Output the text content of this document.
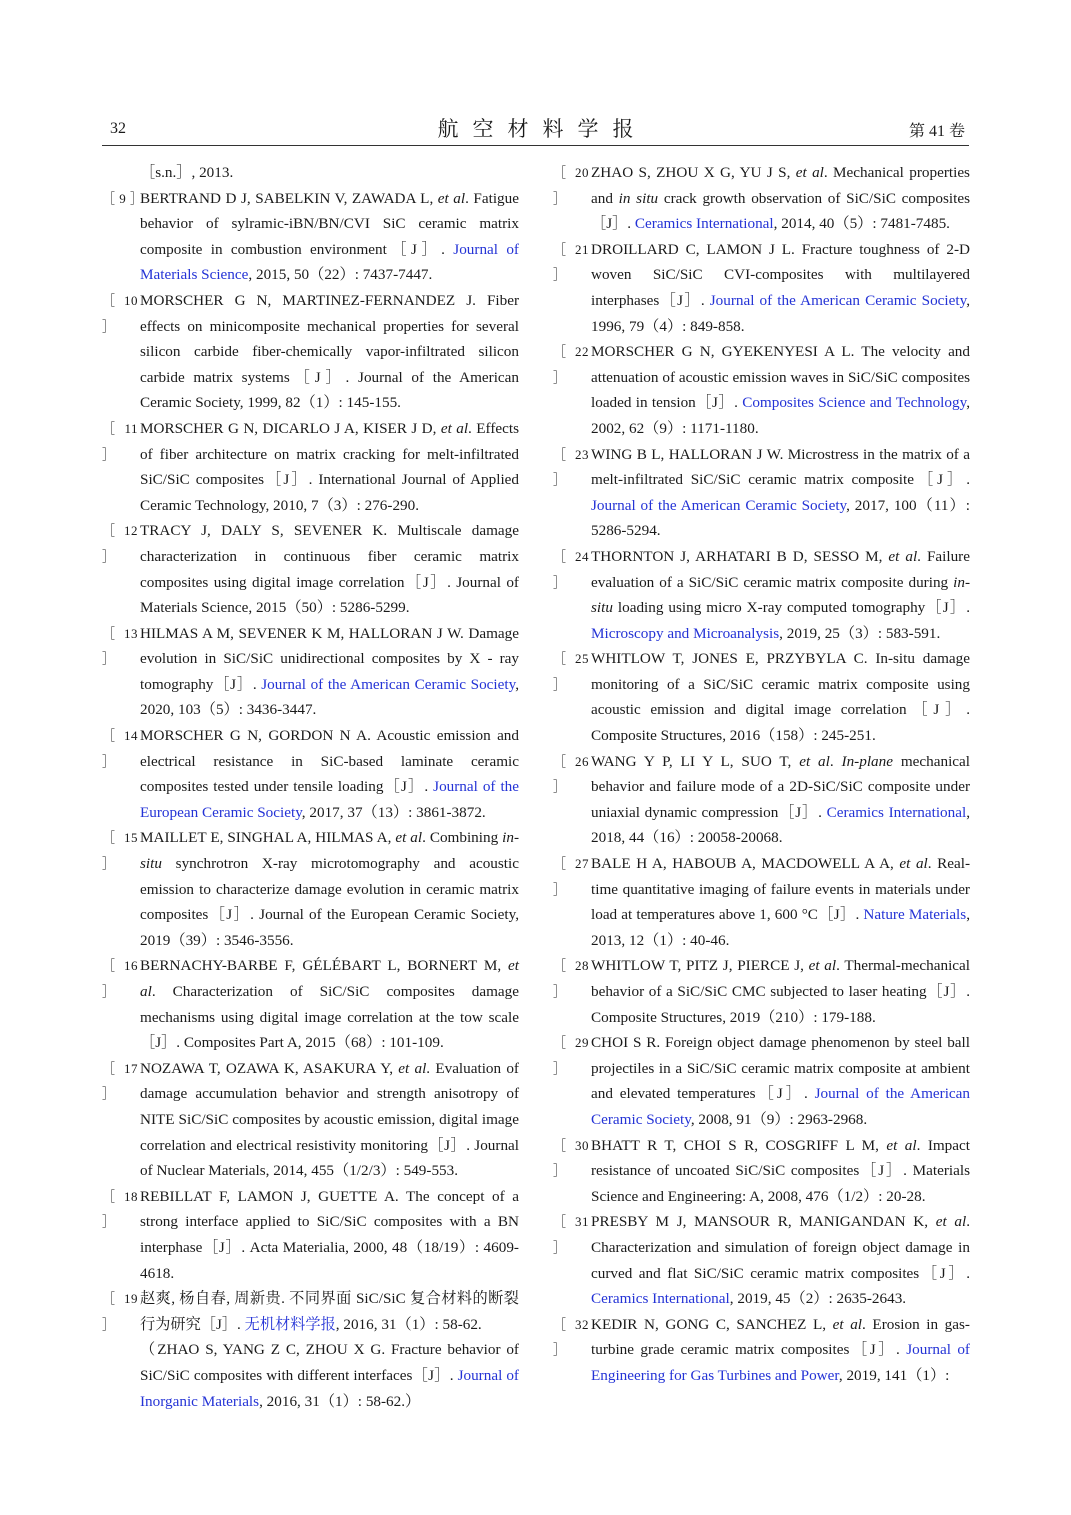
32	航空材料学报	第 41 卷
［s.n.］, 2013.
［ 9 ］
BERTRAND D J, SABELKIN V, ZAWADA L, et al. Fatigue behavior of sylramic-iBN/BN/CVI SiC ceramic matrix composite in combustion environment［J］. Journal of Materials Science, 2015, 50（22）: 7437-7447.
［ 10 ］
MORSCHER G N, MARTINEZ-FERNANDEZ J. Fiber effects on minicomposite mechanical properties for several silicon carbide fiber-chemically vapor-infiltrated silicon carbide matrix systems［J］. Journal of the American Ceramic Society, 1999, 82（1）: 145-155.
［ 11 ］
MORSCHER G N, DICARLO J A, KISER J D, et al. Effects of fiber architecture on matrix cracking for melt-infiltrated SiC/SiC composites［J］. International Journal of Applied Ceramic Technology, 2010, 7（3）: 276-290.
［ 12 ］
TRACY J, DALY S, SEVENER K. Multiscale damage characterization in continuous fiber ceramic matrix composites using digital image correlation［J］. Journal of Materials Science, 2015（50）: 5286-5299.
［ 13 ］
HILMAS A M, SEVENER K M, HALLORAN J W. Damage evolution in SiC/SiC unidirectional composites by X - ray tomography［J］. Journal of the American Ceramic Society, 2020, 103（5）: 3436-3447.
［ 14 ］
MORSCHER G N, GORDON N A. Acoustic emission and electrical resistance in SiC-based laminate ceramic composites tested under tensile loading［J］. Journal of the European Ceramic Society, 2017, 37（13）: 3861-3872.
［ 15 ］
MAILLET E, SINGHAL A, HILMAS A, et al. Combining in-situ synchrotron X-ray microtomography and acoustic emission to characterize damage evolution in ceramic matrix composites［J］. Journal of the European Ceramic Society, 2019（39）: 3546-3556.
［ 16 ］
BERNACHY-BARBE F, GÉLÉBART L, BORNERT M, et al. Characterization of SiC/SiC composites damage mechanisms using digital image correlation at the tow scale［J］. Composites Part A, 2015（68）: 101-109.
［ 17 ］
NOZAWA T, OZAWA K, ASAKURA Y, et al. Evaluation of damage accumulation behavior and strength anisotropy of NITE SiC/SiC composites by acoustic emission, digital image correlation and electrical resistivity monitoring［J］. Journal of Nuclear Materials, 2014, 455（1/2/3）: 549-553.
［ 18 ］
REBILLAT F, LAMON J, GUETTE A. The concept of a strong interface applied to SiC/SiC composites with a BN interphase［J］. Acta Materialia, 2000, 48（18/19）: 4609-4618.
［ 19 ］
赵爽, 杨自春, 周新贵. 不同界面 SiC/SiC 复合材料的断裂行为研究［J］. 无机材料学报, 2016, 31（1）: 58-62.
（ZHAO S, YANG Z C, ZHOU X G. Fracture behavior of SiC/SiC composites with different interfaces［J］. Journal of Inorganic Materials, 2016, 31（1）: 58-62.）
［ 20 ］
ZHAO S, ZHOU X G, YU J S, et al. Mechanical properties and in situ crack growth observation of SiC/SiC composites［J］. Ceramics International, 2014, 40（5）: 7481-7485.
［ 21 ］
DROILLARD C, LAMON J L. Fracture toughness of 2-D woven SiC/SiC CVI-composites with multilayered interphases［J］. Journal of the American Ceramic Society, 1996, 79（4）: 849-858.
［ 22 ］
MORSCHER G N, GYEKENYESI A L. The velocity and attenuation of acoustic emission waves in SiC/SiC composites loaded in tension［J］. Composites Science and Technology, 2002, 62（9）: 1171-1180.
［ 23 ］
WING B L, HALLORAN J W. Microstress in the matrix of a melt-infiltrated SiC/SiC ceramic matrix composite［J］. Journal of the American Ceramic Society, 2017, 100（11）: 5286-5294.
［ 24 ］
THORNTON J, ARHATARI B D, SESSO M, et al. Failure evaluation of a SiC/SiC ceramic matrix composite during in-situ loading using micro X-ray computed tomography［J］. Microscopy and Microanalysis, 2019, 25（3）: 583-591.
［ 25 ］
WHITLOW T, JONES E, PRZYBYLA C. In-situ damage monitoring of a SiC/SiC ceramic matrix composite using acoustic emission and digital image correlation［J］. Composite Structures, 2016（158）: 245-251.
［ 26 ］
WANG Y P, LI Y L, SUO T, et al. In-plane mechanical behavior and failure mode of a 2D-SiC/SiC composite under uniaxial dynamic compression［J］. Ceramics International, 2018, 44（16）: 20058-20068.
［ 27 ］
BALE H A, HABOUB A, MACDOWELL A A, et al. Real-time quantitative imaging of failure events in materials under load at temperatures above 1, 600 °C［J］. Nature Materials, 2013, 12（1）: 40-46.
［ 28 ］
WHITLOW T, PITZ J, PIERCE J, et al. Thermal-mechanical behavior of a SiC/SiC CMC subjected to laser heating［J］. Composite Structures, 2019（210）: 179-188.
［ 29 ］
CHOI S R. Foreign object damage phenomenon by steel ball projectiles in a SiC/SiC ceramic matrix composite at ambient and elevated temperatures［J］. Journal of the American Ceramic Society, 2008, 91（9）: 2963-2968.
［ 30 ］
BHATT R T, CHOI S R, COSGRIFF L M, et al. Impact resistance of uncoated SiC/SiC composites［J］. Materials Science and Engineering: A, 2008, 476（1/2）: 20-28.
［ 31 ］
PRESBY M J, MANSOUR R, MANIGANDAN K, et al. Characterization and simulation of foreign object damage in curved and flat SiC/SiC ceramic matrix composites［J］. Ceramics International, 2019, 45（2）: 2635-2643.
［ 32 ］
KEDIR N, GONG C, SANCHEZ L, et al. Erosion in gas-turbine grade ceramic matrix composites［J］. Journal of Engineering for Gas Turbines and Power, 2019, 141（1）:
